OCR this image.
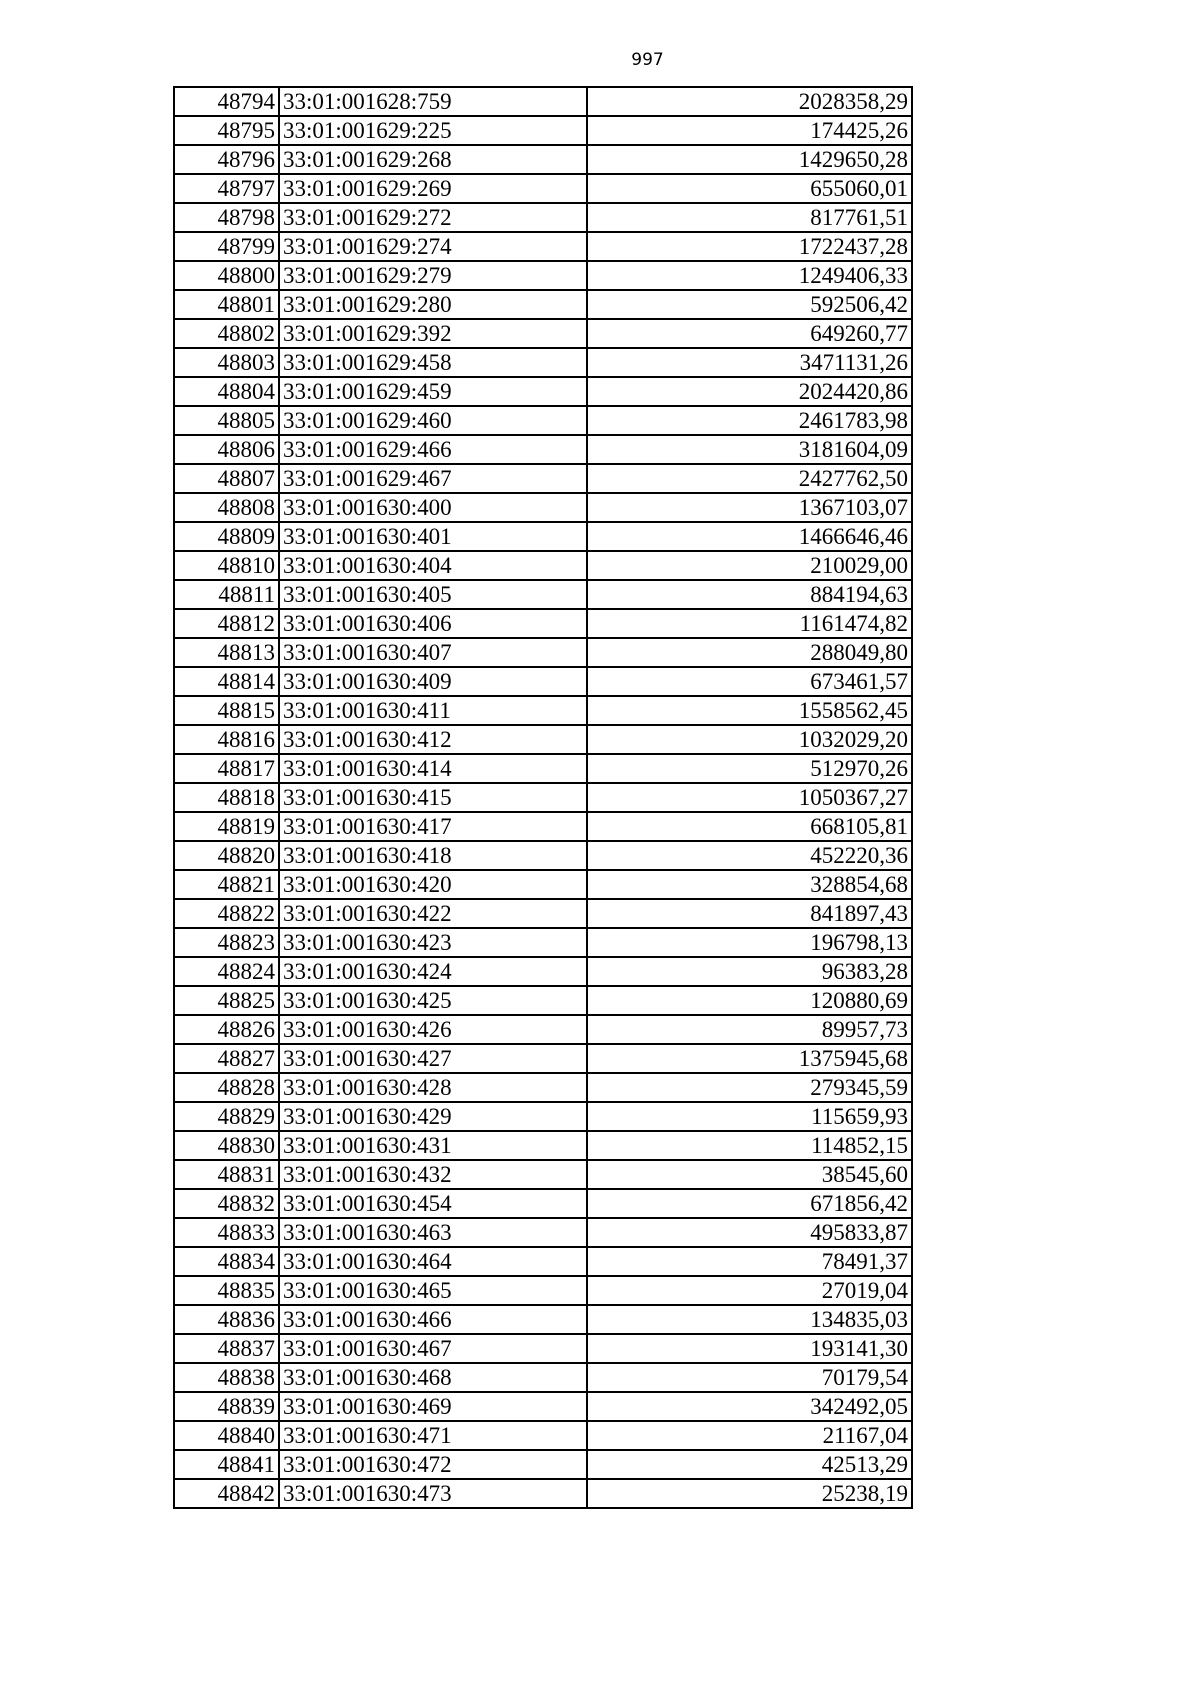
997
48794	33:01:001628:759	2028358,29
48795	33:01:001629:225	174425,26
48796	33:01:001629:268	1429650,28
48797	33:01:001629:269	655060,01
48798	33:01:001629:272	817761,51
48799	33:01:001629:274	1722437,28
48800	33:01:001629:279	1249406,33
48801	33:01:001629:280	592506,42
48802	33:01:001629:392	649260,77
48803	33:01:001629:458	3471131,26
48804	33:01:001629:459	2024420,86
48805	33:01:001629:460	2461783,98
48806	33:01:001629:466	3181604,09
48807	33:01:001629:467	2427762,50
48808	33:01:001630:400	1367103,07
48809	33:01:001630:401	1466646,46
48810	33:01:001630:404	210029,00
48811	33:01:001630:405	884194,63
48812	33:01:001630:406	1161474,82
48813	33:01:001630:407	288049,80
48814	33:01:001630:409	673461,57
48815	33:01:001630:411	1558562,45
48816	33:01:001630:412	1032029,20
48817	33:01:001630:414	512970,26
48818	33:01:001630:415	1050367,27
48819	33:01:001630:417	668105,81
48820	33:01:001630:418	452220,36
48821	33:01:001630:420	328854,68
48822	33:01:001630:422	841897,43
48823	33:01:001630:423	196798,13
48824	33:01:001630:424	96383,28
48825	33:01:001630:425	120880,69
48826	33:01:001630:426	89957,73
48827	33:01:001630:427	1375945,68
48828	33:01:001630:428	279345,59
48829	33:01:001630:429	115659,93
48830	33:01:001630:431	114852,15
48831	33:01:001630:432	38545,60
48832	33:01:001630:454	671856,42
48833	33:01:001630:463	495833,87
48834	33:01:001630:464	78491,37
48835	33:01:001630:465	27019,04
48836	33:01:001630:466	134835,03
48837	33:01:001630:467	193141,30
48838	33:01:001630:468	70179,54
48839	33:01:001630:469	342492,05
48840	33:01:001630:471	21167,04
48841	33:01:001630:472	42513,29
48842	33:01:001630:473	25238,19
